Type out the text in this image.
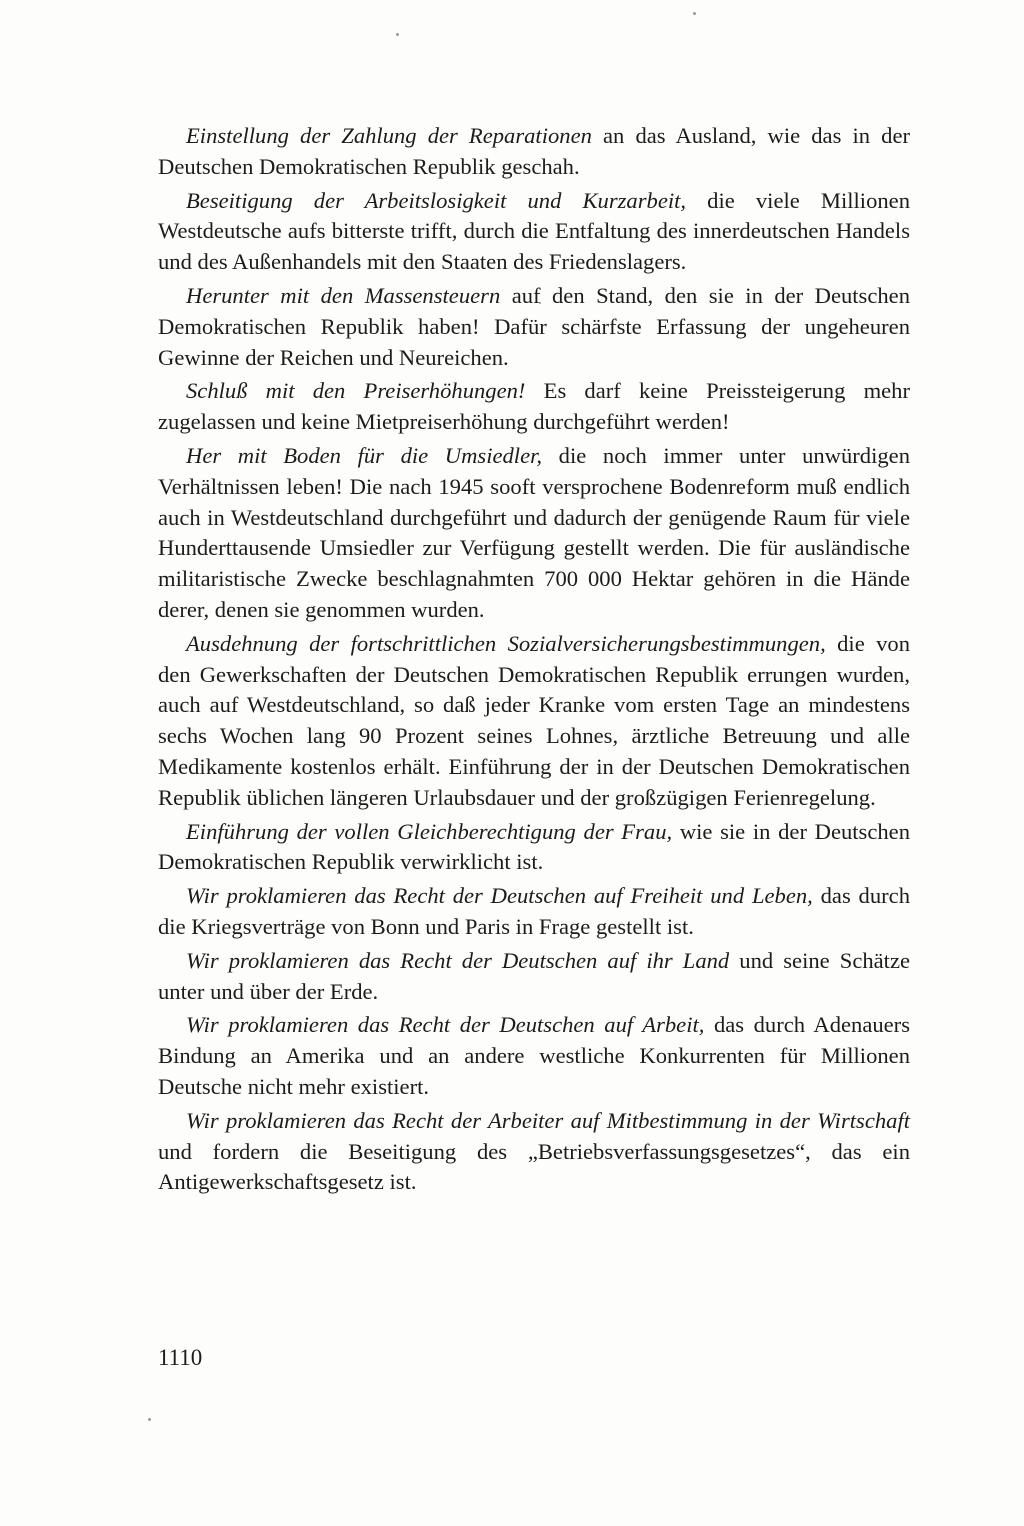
Einstellung der Zahlung der Reparationen an das Ausland, wie das in der Deutschen Demokratischen Republik geschah.

Beseitigung der Arbeitslosigkeit und Kurzarbeit, die viele Millionen Westdeutsche aufs bitterste trifft, durch die Entfaltung des innerdeutschen Handels und des Außenhandels mit den Staaten des Friedenslagers.

Herunter mit den Massensteuern auf den Stand, den sie in der Deutschen Demokratischen Republik haben! Dafür schärfste Erfassung der ungeheuren Gewinne der Reichen und Neureichen.

Schluß mit den Preiserhöhungen! Es darf keine Preissteigerung mehr zugelassen und keine Mietpreiserhöhung durchgeführt werden!

Her mit Boden für die Umsiedler, die noch immer unter unwürdigen Verhältnissen leben! Die nach 1945 sooft versprochene Bodenreform muß endlich auch in Westdeutschland durchgeführt und dadurch der genügende Raum für viele Hunderttausende Umsiedler zur Verfügung gestellt werden. Die für ausländische militaristische Zwecke beschlagnahmten 700 000 Hektar gehören in die Hände derer, denen sie genommen wurden.

Ausdehnung der fortschrittlichen Sozialversicherungsbestimmungen, die von den Gewerkschaften der Deutschen Demokratischen Republik errungen wurden, auch auf Westdeutschland, so daß jeder Kranke vom ersten Tage an mindestens sechs Wochen lang 90 Prozent seines Lohnes, ärztliche Betreuung und alle Medikamente kostenlos erhält. Einführung der in der Deutschen Demokratischen Republik üblichen längeren Urlaubsdauer und der großzügigen Ferienregelung.

Einführung der vollen Gleichberechtigung der Frau, wie sie in der Deutschen Demokratischen Republik verwirklicht ist.

Wir proklamieren das Recht der Deutschen auf Freiheit und Leben, das durch die Kriegsverträge von Bonn und Paris in Frage gestellt ist.

Wir proklamieren das Recht der Deutschen auf ihr Land und seine Schätze unter und über der Erde.

Wir proklamieren das Recht der Deutschen auf Arbeit, das durch Adenauers Bindung an Amerika und an andere westliche Konkurrenten für Millionen Deutsche nicht mehr existiert.

Wir proklamieren das Recht der Arbeiter auf Mitbestimmung in der Wirtschaft und fordern die Beseitigung des „Betriebsverfassungsgesetzes“, das ein Antigewerkschaftsgesetz ist.

1110
